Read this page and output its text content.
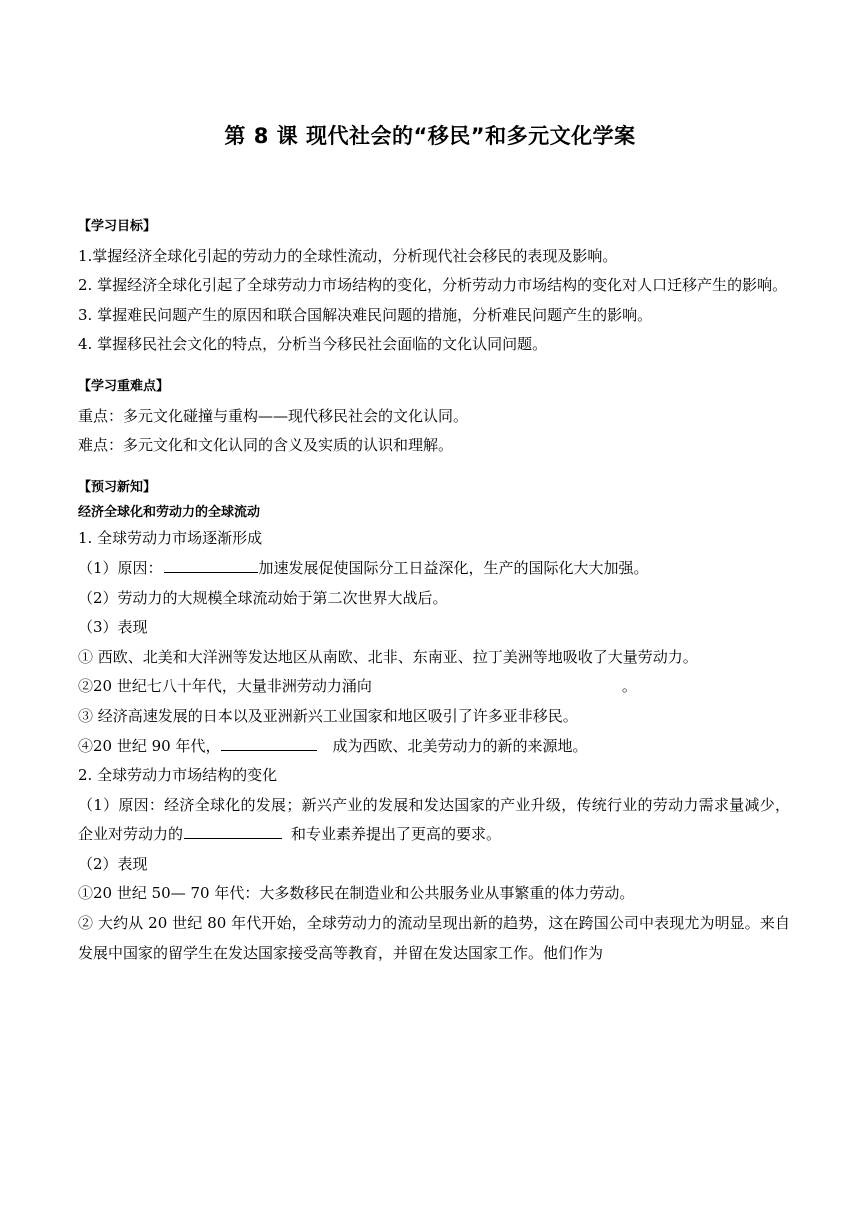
第 8 课 现代社会的“移民”和多元文化学案
【学习目标】
1.掌握经济全球化引起的劳动力的全球性流动，分析现代社会移民的表现及影响。
2. 掌握经济全球化引起了全球劳动力市场结构的变化，分析劳动力市场结构的变化对人口迁移产生的影响。
3. 掌握难民问题产生的原因和联合国解决难民问题的措施，分析难民问题产生的影响。
4. 掌握移民社会文化的特点，分析当今移民社会面临的文化认同问题。
【学习重难点】
重点：多元文化碰撞与重构——现代移民社会的文化认同。
难点：多元文化和文化认同的含义及实质的认识和理解。
【预习新知】
经济全球化和劳动力的全球流动
1. 全球劳动力市场逐渐形成
（1）原因：	加速发展促使国际分工日益深化，生产的国际化大大加强。
（2）劳动力的大规模全球流动始于第二次世界大战后。
（3）表现
① 西欧、北美和大洋洲等发达地区从南欧、北非、东南亚、拉丁美洲等地吸收了大量劳动力。
②20 世纪七八十年代，大量非洲劳动力涌向	。
③ 经济高速发展的日本以及亚洲新兴工业国家和地区吸引了许多亚非移民。
④20 世纪 90 年代，	成为西欧、北美劳动力的新的来源地。
2. 全球劳动力市场结构的变化
（1）原因：经济全球化的发展；新兴产业的发展和发达国家的产业升级，传统行业的劳动力需求量减少，企业对劳动力的	和专业素养提出了更高的要求。
（2）表现
①20 世纪 50— 70 年代：大多数移民在制造业和公共服务业从事繁重的体力劳动。
② 大约从 20 世纪 80 年代开始，全球劳动力的流动呈现出新的趋势，这在跨国公司中表现尤为明显。来自发展中国家的留学生在发达国家接受高等教育，并留在发达国家工作。他们作为
